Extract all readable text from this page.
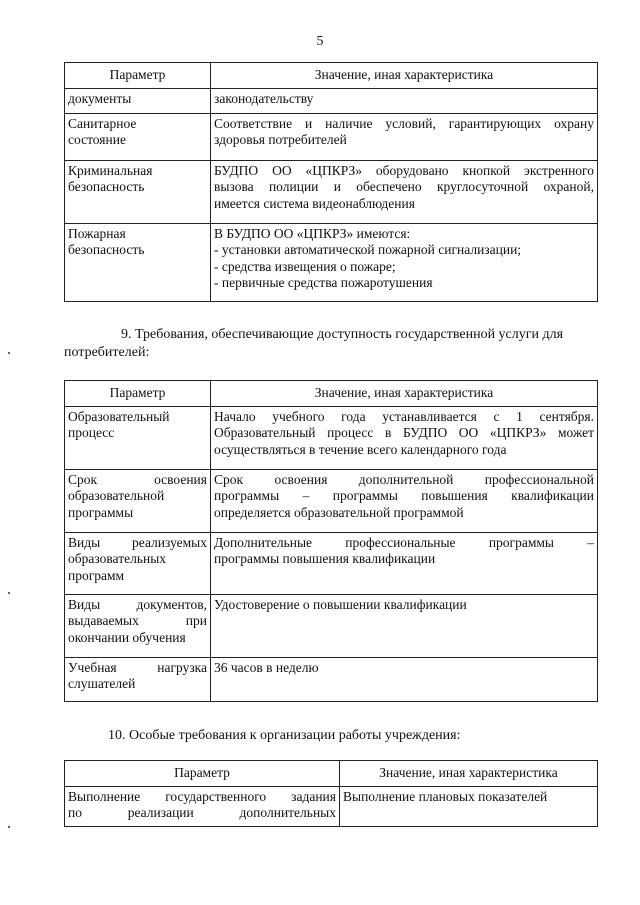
5
Параметр	Значение, иная характеристика

документы	законодательству

Санитарное
состояние	Соответствие и наличие условий, гарантирующих охрану
здоровья потребителей

Криминальная
безопасность	БУДПО ОО «ЦПКРЗ» оборудовано кнопкой экстренного
вызова полиции и обеспечено круглосуточной охраной,
имеется система видеонаблюдения

Пожарная
безопасность	В БУДПО ОО «ЦПКРЗ» имеются:
- установки автоматической пожарной сигнализации;
- средства извещения о пожаре;
- первичные средства пожаротушения
9. Требования, обеспечивающие доступность государственной услуги для
потребителей:
Параметр	Значение, иная характеристика

Образовательный
процесс	Начало учебного года устанавливается с 1 сентября.
Образовательный процесс в БУДПО ОО «ЦПКРЗ» может
осуществляться в течение всего календарного года

Срок освоения
образовательной
программы	Срок освоения дополнительной профессиональной
программы – программы повышения квалификации
определяется образовательной программой

Виды реализуемых
образовательных
программ	Дополнительные профессиональные программы –
программы повышения квалификации

Виды документов,
выдаваемых при
окончании обучения	Удостоверение о повышении квалификации

Учебная нагрузка
слушателей	36 часов в неделю
10. Особые требования к организации работы учреждения:
Параметр	Значение, иная характеристика

Выполнение государственного задания
по реализации дополнительных	Выполнение плановых показателей
